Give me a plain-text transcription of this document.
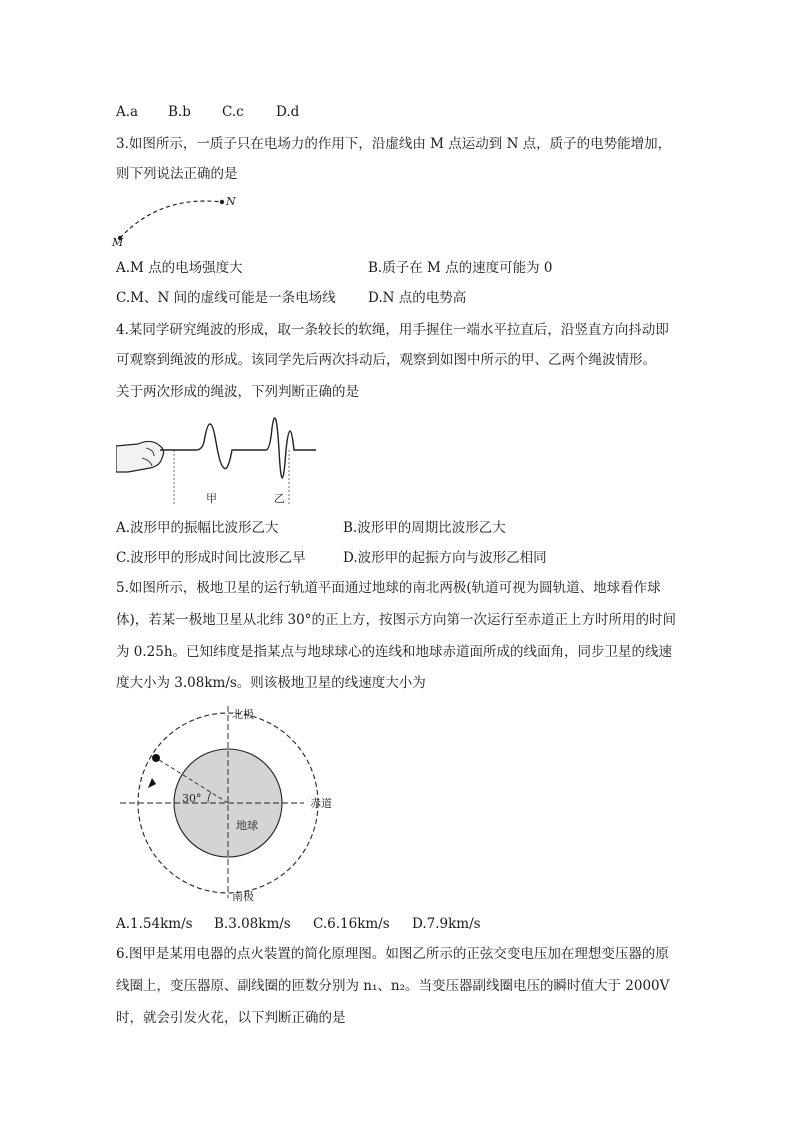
A.a B.b C.c D.d
3.如图所示，一质子只在电场力的作用下，沿虚线由 M 点运动到 N 点，质子的电势能增加，
则下列说法正确的是
N
M
A.M 点的电场强度大	B.质子在 M 点的速度可能为 0
C.M、N 间的虚线可能是一条电场线 D.N 点的电势高
4.某同学研究绳波的形成，取一条较长的软绳，用手握住一端水平拉直后，沿竖直方向抖动即
可观察到绳波的形成。该同学先后两次抖动后，观察到如图中所示的甲、乙两个绳波情形。
关于两次形成的绳波，下列判断正确的是
甲	乙
A.波形甲的振幅比波形乙大	B.波形甲的周期比波形乙大
C.波形甲的形成时间比波形乙早	D.波形甲的起振方向与波形乙相同
5.如图所示，极地卫星的运行轨道平面通过地球的南北两极(轨道可视为圆轨道、地球看作球
体)，若某一极地卫星从北纬 30°的正上方，按图示方向第一次运行至赤道正上方时所用的时间
为 0.25h。已知纬度是指某点与地球球心的连线和地球赤道面所成的线面角，同步卫星的线速
度大小为 3.08km/s。则该极地卫星的线速度大小为
30°
北极
南极
赤道
地球
A.1.54km/s B.3.08km/s C.6.16km/s D.7.9km/s
6.图甲是某用电器的点火装置的简化原理图。如图乙所示的正弦交变电压加在理想变压器的原
线圈上，变压器原、副线圈的匝数分别为 n₁、n₂。当变压器副线圈电压的瞬时值大于 2000V
时，就会引发火花，以下判断正确的是
